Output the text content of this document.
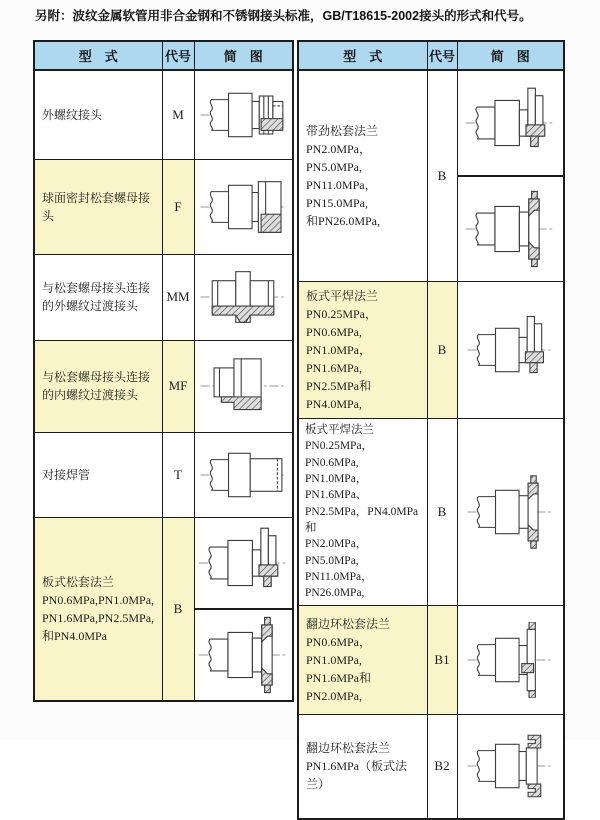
另附：波纹金属软管用非合金钢和不锈钢接头标准，GB/T18615-2002接头的形式和代号。
型　式	代号	简　图
外螺纹接头	M	

球面密封松套螺母接头	F	

与松套螺母接头连接的外螺纹过渡接头	MM	

与松套螺母接头连接的内螺纹过渡接头	MF	

对接焊管	T	

板式松套法兰
PN0.6MPa,PN1.0MPa,
PN1.6MPa,PN2.5MPa,
和PN4.0MPa	B	
型　式	代号	简　图

带劲松套法兰
PN2.0MPa，PN5.0MPa,
PN11.0MPa，PN15.0MPa,
和PN26.0MPa,	B	

板式平焊法兰
PN0.25MPa，PN0.6MPa,
PN1.0MPa，PN1.6MPa,
PN2.5MPa和PN4.0MPa,	B	

板式平焊法兰
PN0.25MPa，PN0.6MPa,
PN1.0MPa，PN1.6MPa、
PN2.5MPa，PN4.0MPa和
PN2.0MPa，PN5.0MPa,
PN11.0MPa，PN26.0MPa,
	B	

翻边环松套法兰
PN0.6MPa，PN1.0MPa,
PN1.6MPa和PN2.0MPa,	B1	

翻边环松套法兰
PN1.6MPa（板式法兰）	B2	
